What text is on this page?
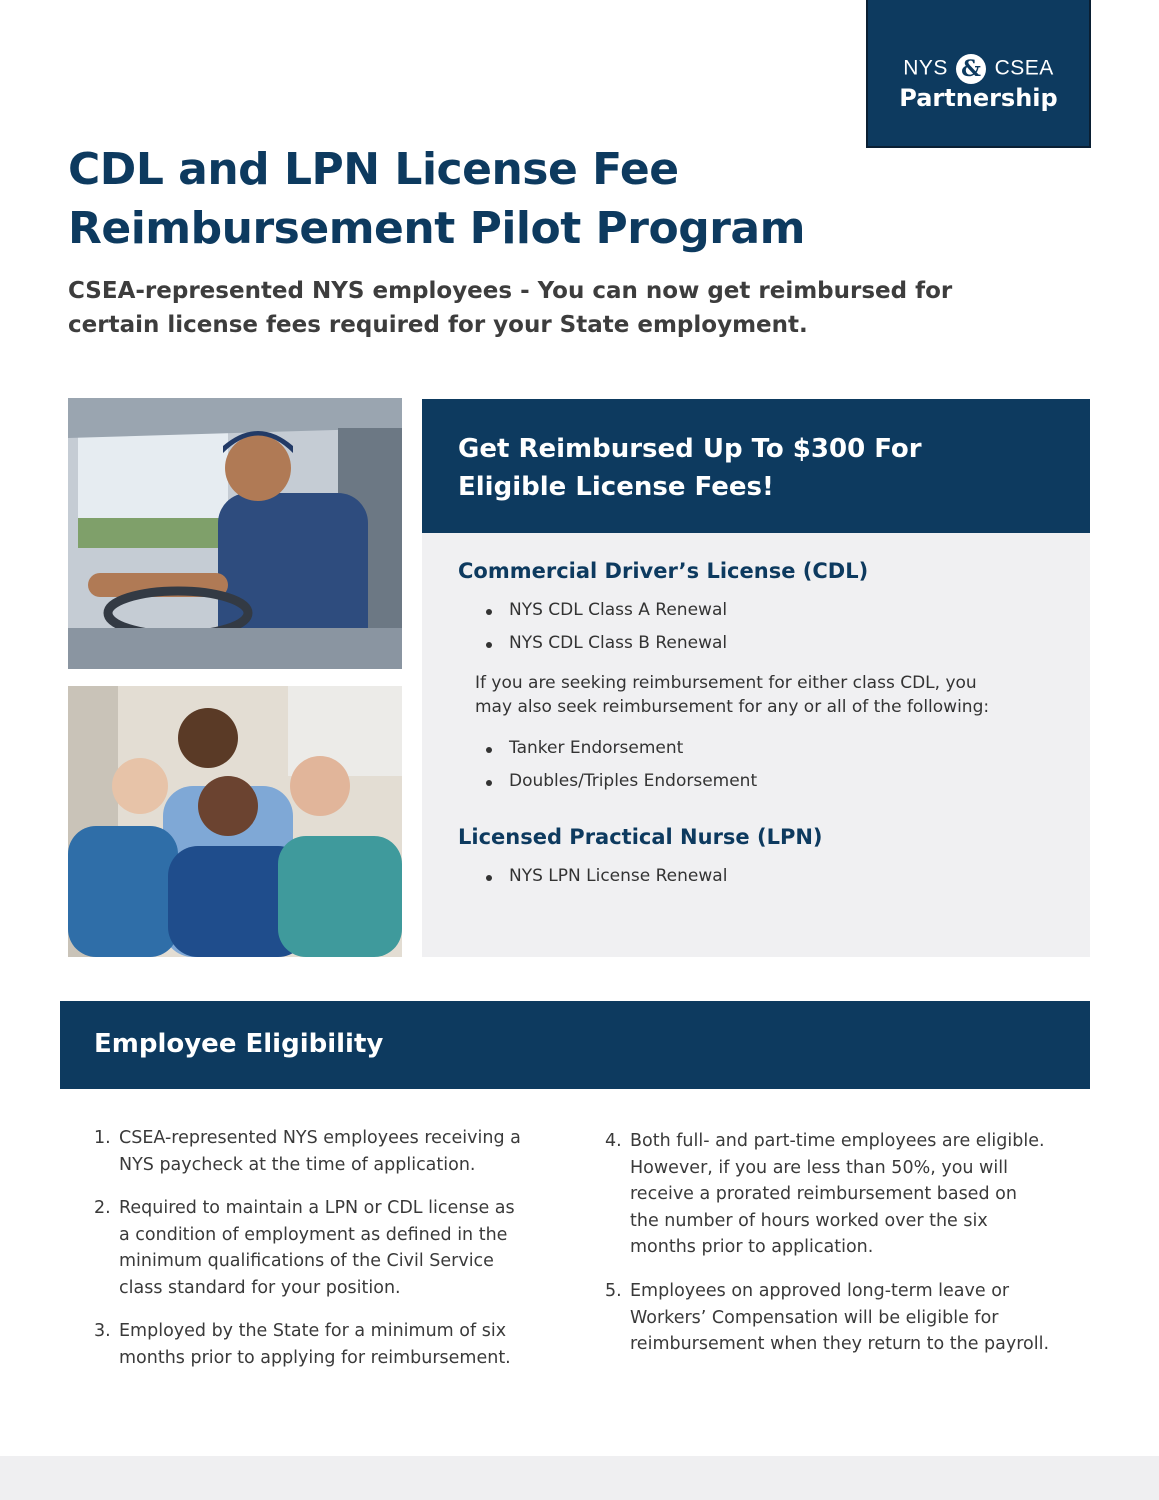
NYS & CSEA
Partnership
CDL and LPN License Fee Reimbursement Pilot Program

CSEA-represented NYS employees - You can now get reimbursed for certain license fees required for your State employment.

Get Reimbursed Up To $300 For
Eligible License Fees!
Commercial Driver’s License (CDL)
NYS CDL Class A Renewal
NYS CDL Class B Renewal
If you are seeking reimbursement for either class CDL, you
may also seek reimbursement for any or all of the following:
Tanker Endorsement
Doubles/Triples Endorsement
Licensed Practical Nurse (LPN)
NYS LPN License Renewal
Employee Eligibility
1. CSEA-represented NYS employees receiving a
NYS paycheck at the time of application.
2. Required to maintain a LPN or CDL license as
a condition of employment as defined in the
minimum qualifications of the Civil Service
class standard for your position.
3. Employed by the State for a minimum of six
months prior to applying for reimbursement.
4. Both full- and part-time employees are eligible.
However, if you are less than 50%, you will
receive a prorated reimbursement based on
the number of hours worked over the six
months prior to application.
5. Employees on approved long-term leave or
Workers’ Compensation will be eligible for
reimbursement when they return to the payroll.
